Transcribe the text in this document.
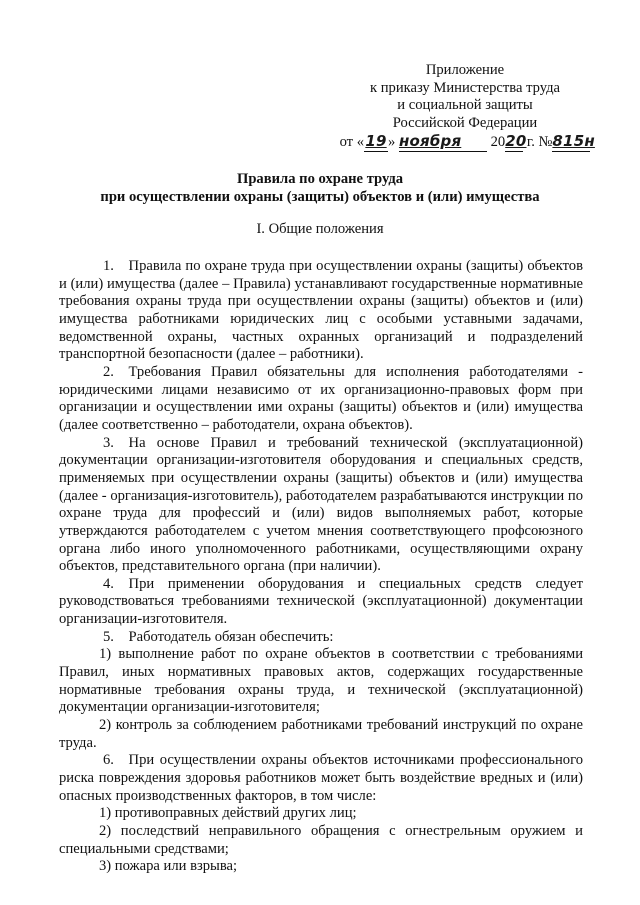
Приложение
к приказу Министерства труда
и социальной защиты
Российской Федерации
от «19» ноября 2020 г. №815н
Правила по охране труда
при осуществлении охраны (защиты) объектов и (или) имущества
I. Общие положения

1. Правила по охране труда при осуществлении охраны (защиты) объектов и (или) имущества (далее – Правила) устанавливают государственные нормативные требования охраны труда при осуществлении охраны (защиты) объектов и (или) имущества работниками юридических лиц с особыми уставными задачами, ведомственной охраны, частных охранных организаций и подразделений транспортной безопасности (далее – работники).

2. Требования Правил обязательны для исполнения работодателями - юридическими лицами независимо от их организационно-правовых форм при организации и осуществлении ими охраны (защиты) объектов и (или) имущества (далее соответственно – работодатели, охрана объектов).

3. На основе Правил и требований технической (эксплуатационной) документации организации-изготовителя оборудования и специальных средств, применяемых при осуществлении охраны (защиты) объектов и (или) имущества (далее - организация-изготовитель), работодателем разрабатываются инструкции по охране труда для профессий и (или) видов выполняемых работ, которые утверждаются работодателем с учетом мнения соответствующего профсоюзного органа либо иного уполномоченного работниками, осуществляющими охрану объектов, представительного органа (при наличии).

4. При применении оборудования и специальных средств следует руководствоваться требованиями технической (эксплуатационной) документации организации-изготовителя.

5. Работодатель обязан обеспечить:

1) выполнение работ по охране объектов в соответствии с требованиями Правил, иных нормативных правовых актов, содержащих государственные нормативные требования охраны труда, и технической (эксплуатационной) документации организации-изготовителя;

2) контроль за соблюдением работниками требований инструкций по охране труда.

6. При осуществлении охраны объектов источниками профессионального риска повреждения здоровья работников может быть воздействие вредных и (или) опасных производственных факторов, в том числе:

1) противоправных действий других лиц;

2) последствий неправильного обращения с огнестрельным оружием и специальными средствами;

3) пожара или взрыва;
